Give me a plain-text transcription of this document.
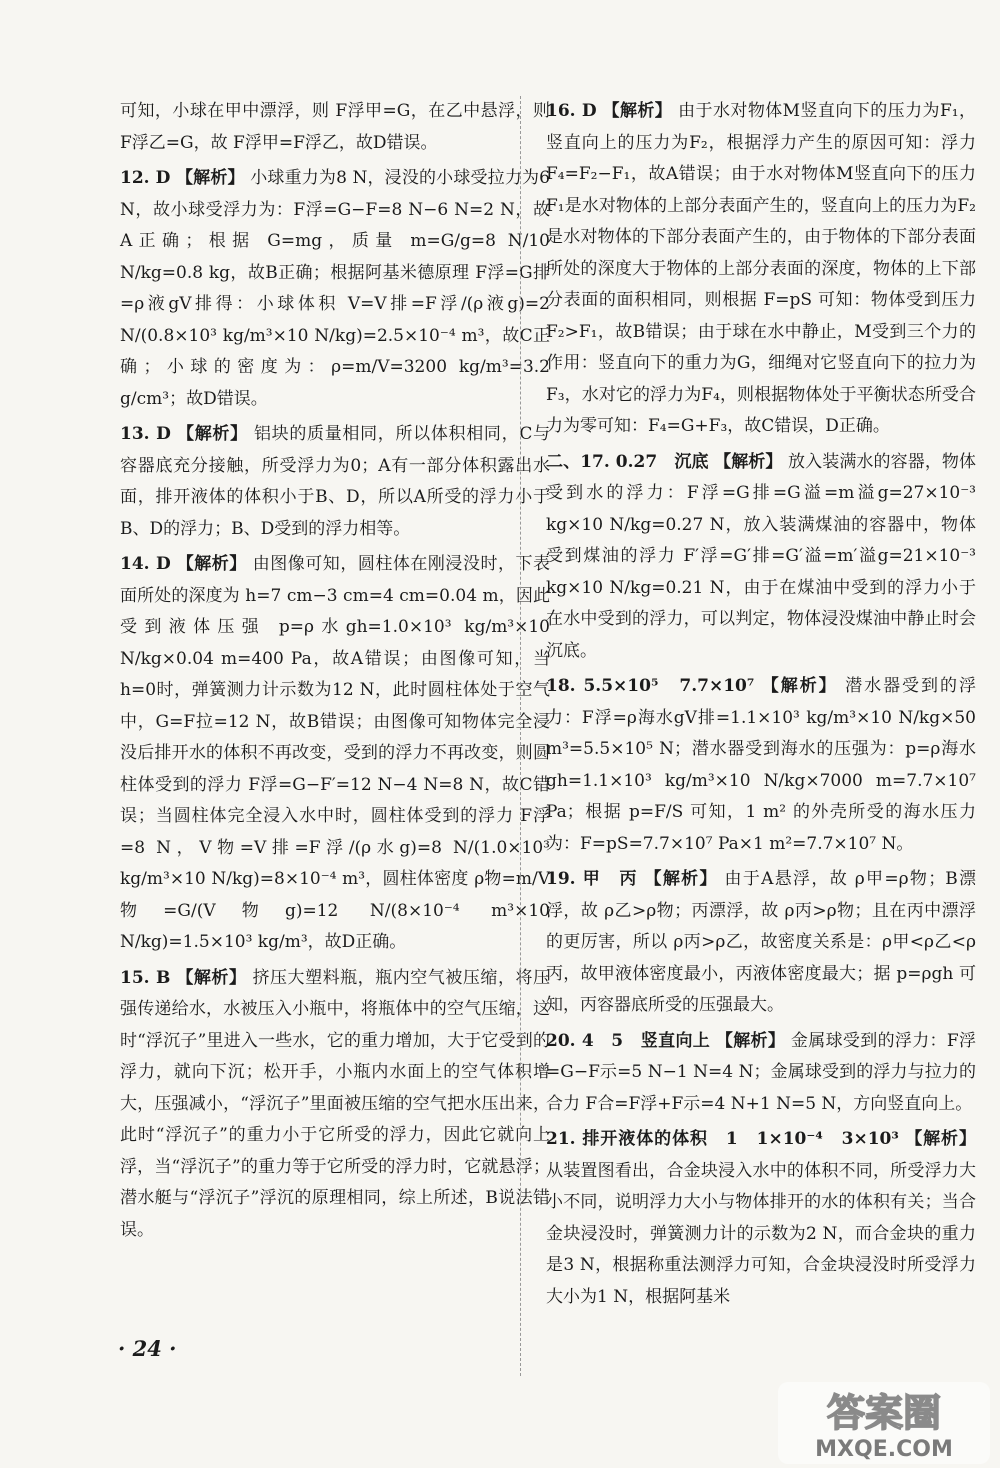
可知，小球在甲中漂浮，则 F浮甲=G，在乙中悬浮，则 F浮乙=G，故 F浮甲=F浮乙，故D错误。

12. D 【解析】 小球重力为8 N，浸没的小球受拉力为6 N，故小球受浮力为：F浮=G−F=8 N−6 N=2 N，故A正确；根据 G=mg，质量 m=G/g=8 N/10 N/kg=0.8 kg，故B正确；根据阿基米德原理 F浮=G排=ρ液gV排得：小球体积 V=V排=F浮/(ρ液g)=2 N/(0.8×10³ kg/m³×10 N/kg)=2.5×10⁻⁴ m³，故C正确；小球的密度为：ρ=m/V=3200 kg/m³=3.2 g/cm³；故D错误。

13. D 【解析】 铝块的质量相同，所以体积相同，C与容器底充分接触，所受浮力为0；A有一部分体积露出水面，排开液体的体积小于B、D，所以A所受的浮力小于B、D的浮力；B、D受到的浮力相等。

14. D 【解析】 由图像可知，圆柱体在刚浸没时，下表面所处的深度为 h=7 cm−3 cm=4 cm=0.04 m，因此受到液体压强 p=ρ水gh=1.0×10³ kg/m³×10 N/kg×0.04 m=400 Pa，故A错误；由图像可知，当h=0时，弹簧测力计示数为12 N，此时圆柱体处于空气中，G=F拉=12 N，故B错误；由图像可知物体完全浸没后排开水的体积不再改变，受到的浮力不再改变，则圆柱体受到的浮力 F浮=G−F′=12 N−4 N=8 N，故C错误；当圆柱体完全浸入水中时，圆柱体受到的浮力 F浮=8 N，V物=V排=F浮/(ρ水g)=8 N/(1.0×10³ kg/m³×10 N/kg)=8×10⁻⁴ m³，圆柱体密度 ρ物=m/V物=G/(V物g)=12 N/(8×10⁻⁴ m³×10 N/kg)=1.5×10³ kg/m³，故D正确。

15. B 【解析】 挤压大塑料瓶，瓶内空气被压缩，将压强传递给水，水被压入小瓶中，将瓶体中的空气压缩，这时“浮沉子”里进入一些水，它的重力增加，大于它受到的浮力，就向下沉；松开手，小瓶内水面上的空气体积增大，压强减小，“浮沉子”里面被压缩的空气把水压出来，此时“浮沉子”的重力小于它所受的浮力，因此它就向上浮，当“浮沉子”的重力等于它所受的浮力时，它就悬浮；潜水艇与“浮沉子”浮沉的原理相同，综上所述，B说法错误。

16. D 【解析】 由于水对物体M竖直向下的压力为F₁，竖直向上的压力为F₂，根据浮力产生的原因可知：浮力 F₄=F₂−F₁，故A错误；由于水对物体M竖直向下的压力F₁是水对物体的上部分表面产生的，竖直向上的压力为F₂是水对物体的下部分表面产生的，由于物体的下部分表面所处的深度大于物体的上部分表面的深度，物体的上下部分表面的面积相同，则根据 F=pS 可知：物体受到压力 F₂>F₁，故B错误；由于球在水中静止，M受到三个力的作用：竖直向下的重力为G，细绳对它竖直向下的拉力为F₃，水对它的浮力为F₄，则根据物体处于平衡状态所受合力为零可知：F₄=G+F₃，故C错误，D正确。

二、17. 0.27　沉底 【解析】 放入装满水的容器，物体受到水的浮力：F浮=G排=G溢=m溢g=27×10⁻³ kg×10 N/kg=0.27 N，放入装满煤油的容器中，物体受到煤油的浮力 F′浮=G′排=G′溢=m′溢g=21×10⁻³ kg×10 N/kg=0.21 N，由于在煤油中受到的浮力小于在水中受到的浮力，可以判定，物体浸没煤油中静止时会沉底。

18. 5.5×10⁵　7.7×10⁷ 【解析】 潜水器受到的浮力：F浮=ρ海水gV排=1.1×10³ kg/m³×10 N/kg×50 m³=5.5×10⁵ N；潜水器受到海水的压强为：p=ρ海水gh=1.1×10³ kg/m³×10 N/kg×7000 m=7.7×10⁷ Pa；根据 p=F/S 可知，1 m² 的外壳所受的海水压力为：F=pS=7.7×10⁷ Pa×1 m²=7.7×10⁷ N。

19. 甲　丙 【解析】 由于A悬浮，故 ρ甲=ρ物；B漂浮，故 ρ乙>ρ物；丙漂浮，故 ρ丙>ρ物；且在丙中漂浮的更厉害，所以 ρ丙>ρ乙，故密度关系是：ρ甲<ρ乙<ρ丙，故甲液体密度最小，丙液体密度最大；据 p=ρgh 可知，丙容器底所受的压强最大。

20. 4　5　竖直向上 【解析】 金属球受到的浮力：F浮=G−F示=5 N−1 N=4 N；金属球受到的浮力与拉力的合力 F合=F浮+F示=4 N+1 N=5 N，方向竖直向上。

21. 排开液体的体积　1　1×10⁻⁴　3×10³ 【解析】 从装置图看出，合金块浸入水中的体积不同，所受浮力大小不同，说明浮力大小与物体排开的水的体积有关；当合金块浸没时，弹簧测力计的示数为2 N，而合金块的重力是3 N，根据称重法测浮力可知，合金块浸没时所受浮力大小为1 N，根据阿基米

· 24 ·
答案圈
MXQE.COM
